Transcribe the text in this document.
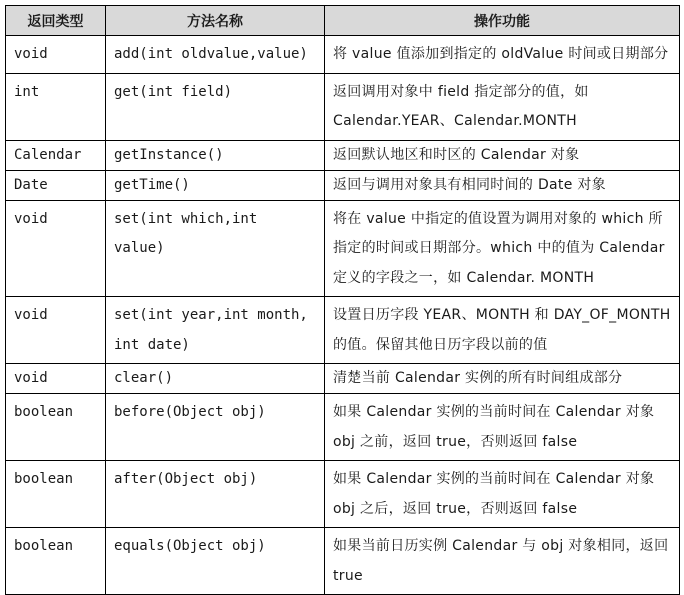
返回类型	方法名称	操作功能
void	add(int oldvalue,value)	将 value 值添加到指定的 oldValue 时间或日期部分
int	get(int field)	返回调用对象中 field 指定部分的值，如 Calendar.YEAR、Calendar.MONTH
Calendar	getInstance()	返回默认地区和时区的 Calendar 对象
Date	getTime()	返回与调用对象具有相同时间的 Date 对象
void	set(int which,int value)	将在 value 中指定的值设置为调用对象的 which 所指定的时间或日期部分。which 中的值为 Calendar 定义的字段之一，如 Calendar. MONTH
void	set(int year,int month, int date)	设置日历字段 YEAR、MONTH 和 DAY_OF_MONTH 的值。保留其他日历字段以前的值
void	clear()	清楚当前 Calendar 实例的所有时间组成部分
boolean	before(Object obj)	如果 Calendar 实例的当前时间在 Calendar 对象 obj 之前，返回 true，否则返回 false
boolean	after(Object obj)	如果 Calendar 实例的当前时间在 Calendar 对象 obj 之后，返回 true，否则返回 false
boolean	equals(Object obj)	如果当前日历实例 Calendar 与 obj 对象相同，返回 true
